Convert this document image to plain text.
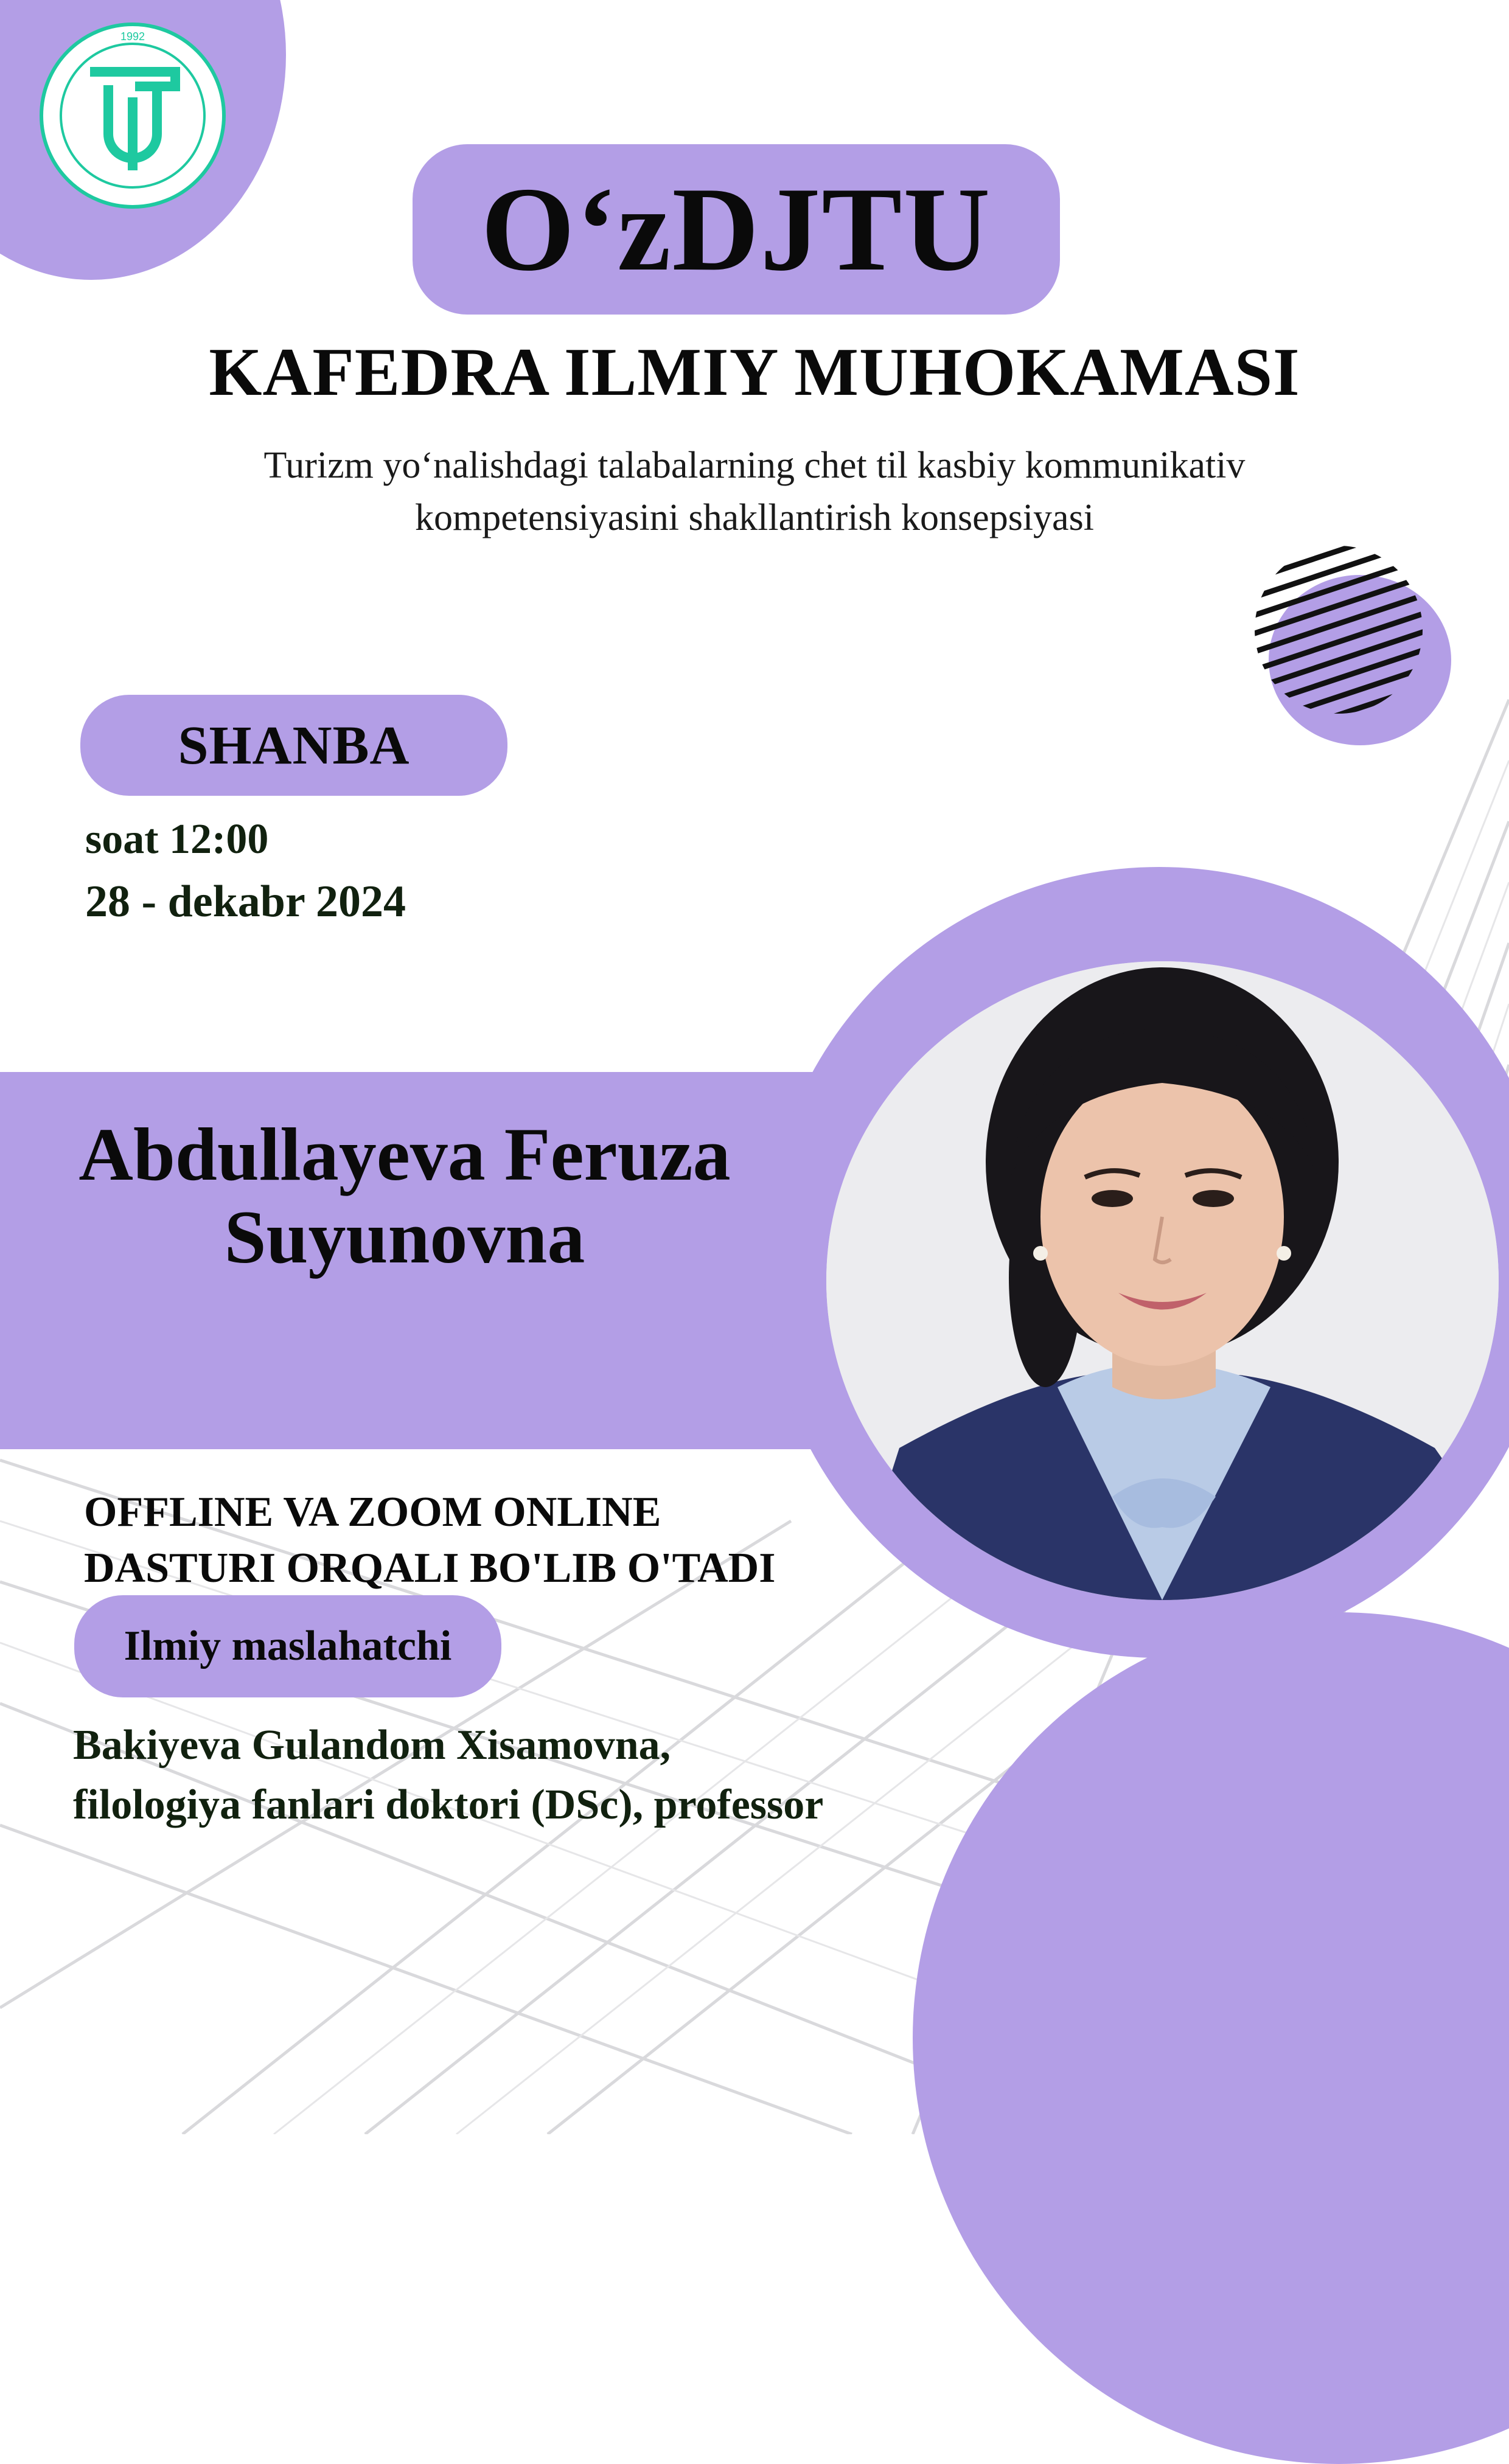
1992
O‘zDJTU
KAFEDRA ILMIY MUHOKAMASI
Turizm yo‘nalishdagi talabalarning chet til kasbiy kommunikativ
kompetensiyasini shakllantirish konsepsiyasi
SHANBA
soat 12:00
28 - dekabr 2024
Abdullayeva Feruza
Suyunovna
OFFLINE VA ZOOM ONLINE
DASTURI ORQALI BO'LIB O'TADI
Ilmiy maslahatchi
Bakiyeva Gulandom Xisamovna,
filologiya fanlari doktori (DSc), professor
